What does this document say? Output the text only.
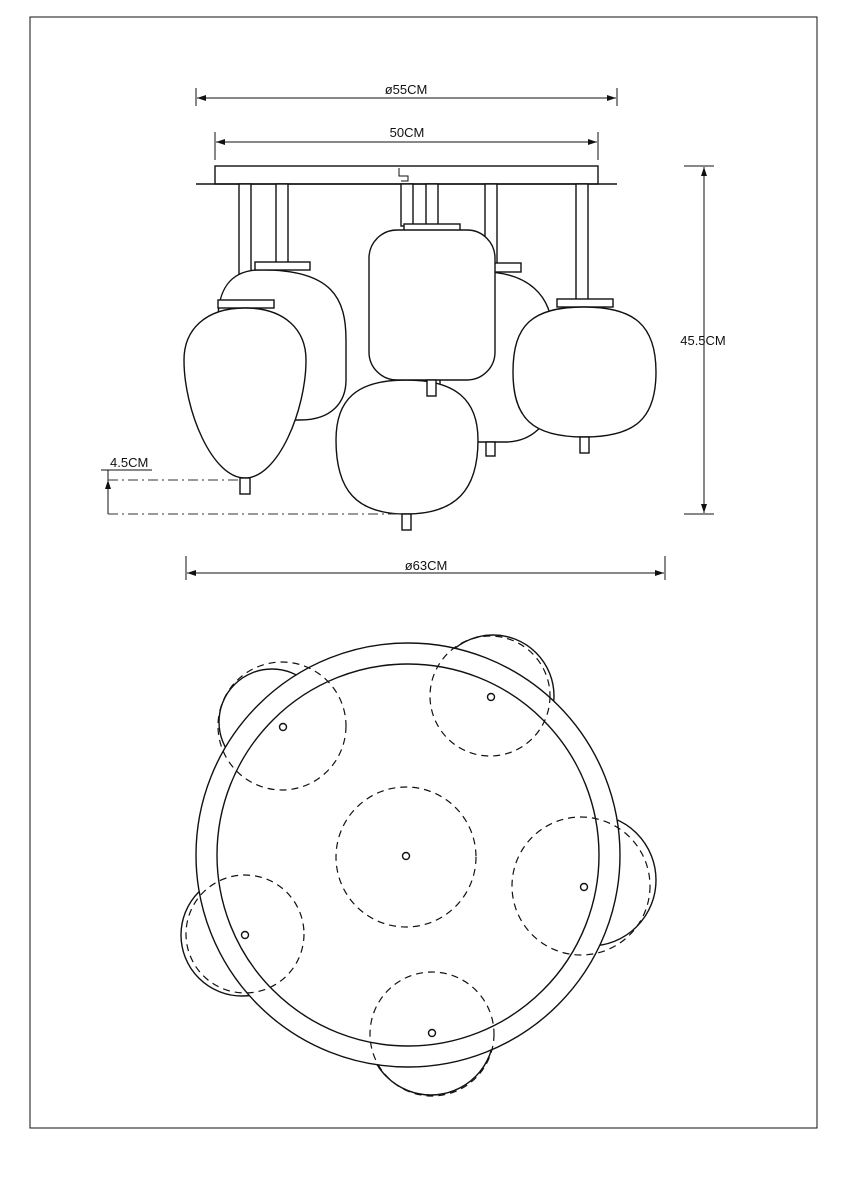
ø55CM
50CM
45.5CM
4.5CM
ø63CM
